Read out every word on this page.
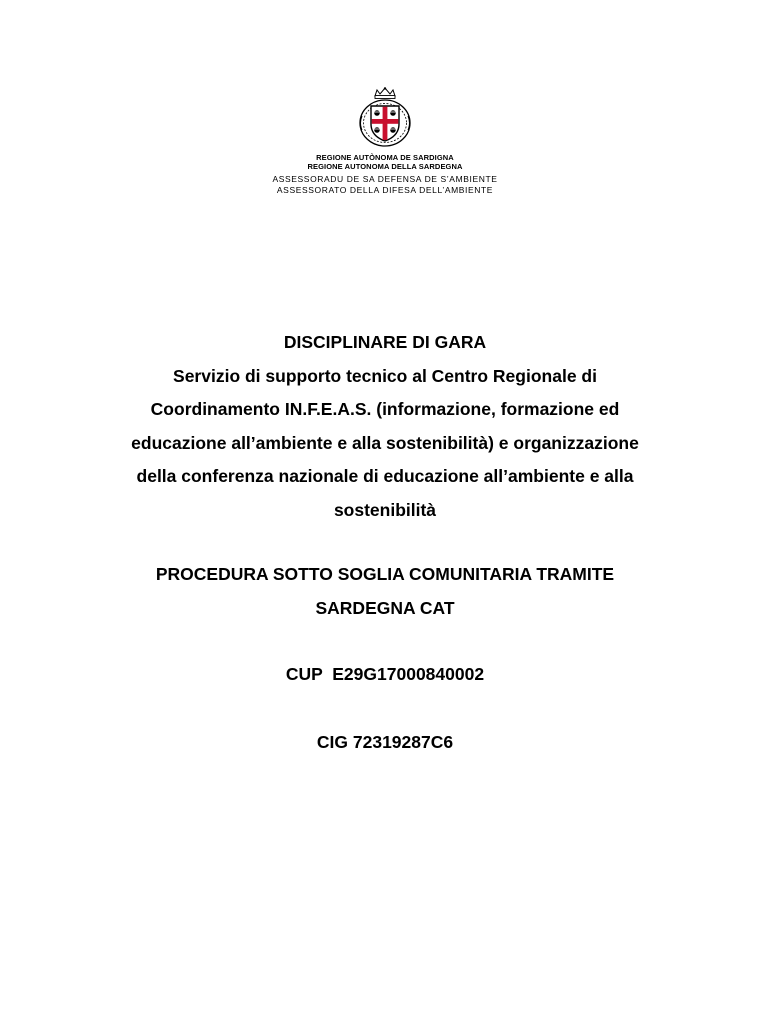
REGIONE AUTÒNOMA DE SARDIGNA
REGIONE AUTONOMA DELLA SARDEGNA
ASSESSORADU DE SA DEFENSA DE S’AMBIENTE
ASSESSORATO DELLA DIFESA DELL’AMBIENTE

DISCIPLINARE DI GARA

Servizio di supporto tecnico al Centro Regionale di

Coordinamento IN.F.E.A.S. (informazione, formazione ed

educazione all’ambiente e alla sostenibilità) e organizzazione

della conferenza nazionale di educazione all’ambiente e alla

sostenibilità

PROCEDURA SOTTO SOGLIA COMUNITARIA TRAMITE

SARDEGNA CAT

CUP  E29G17000840002
CIG 72319287C6
